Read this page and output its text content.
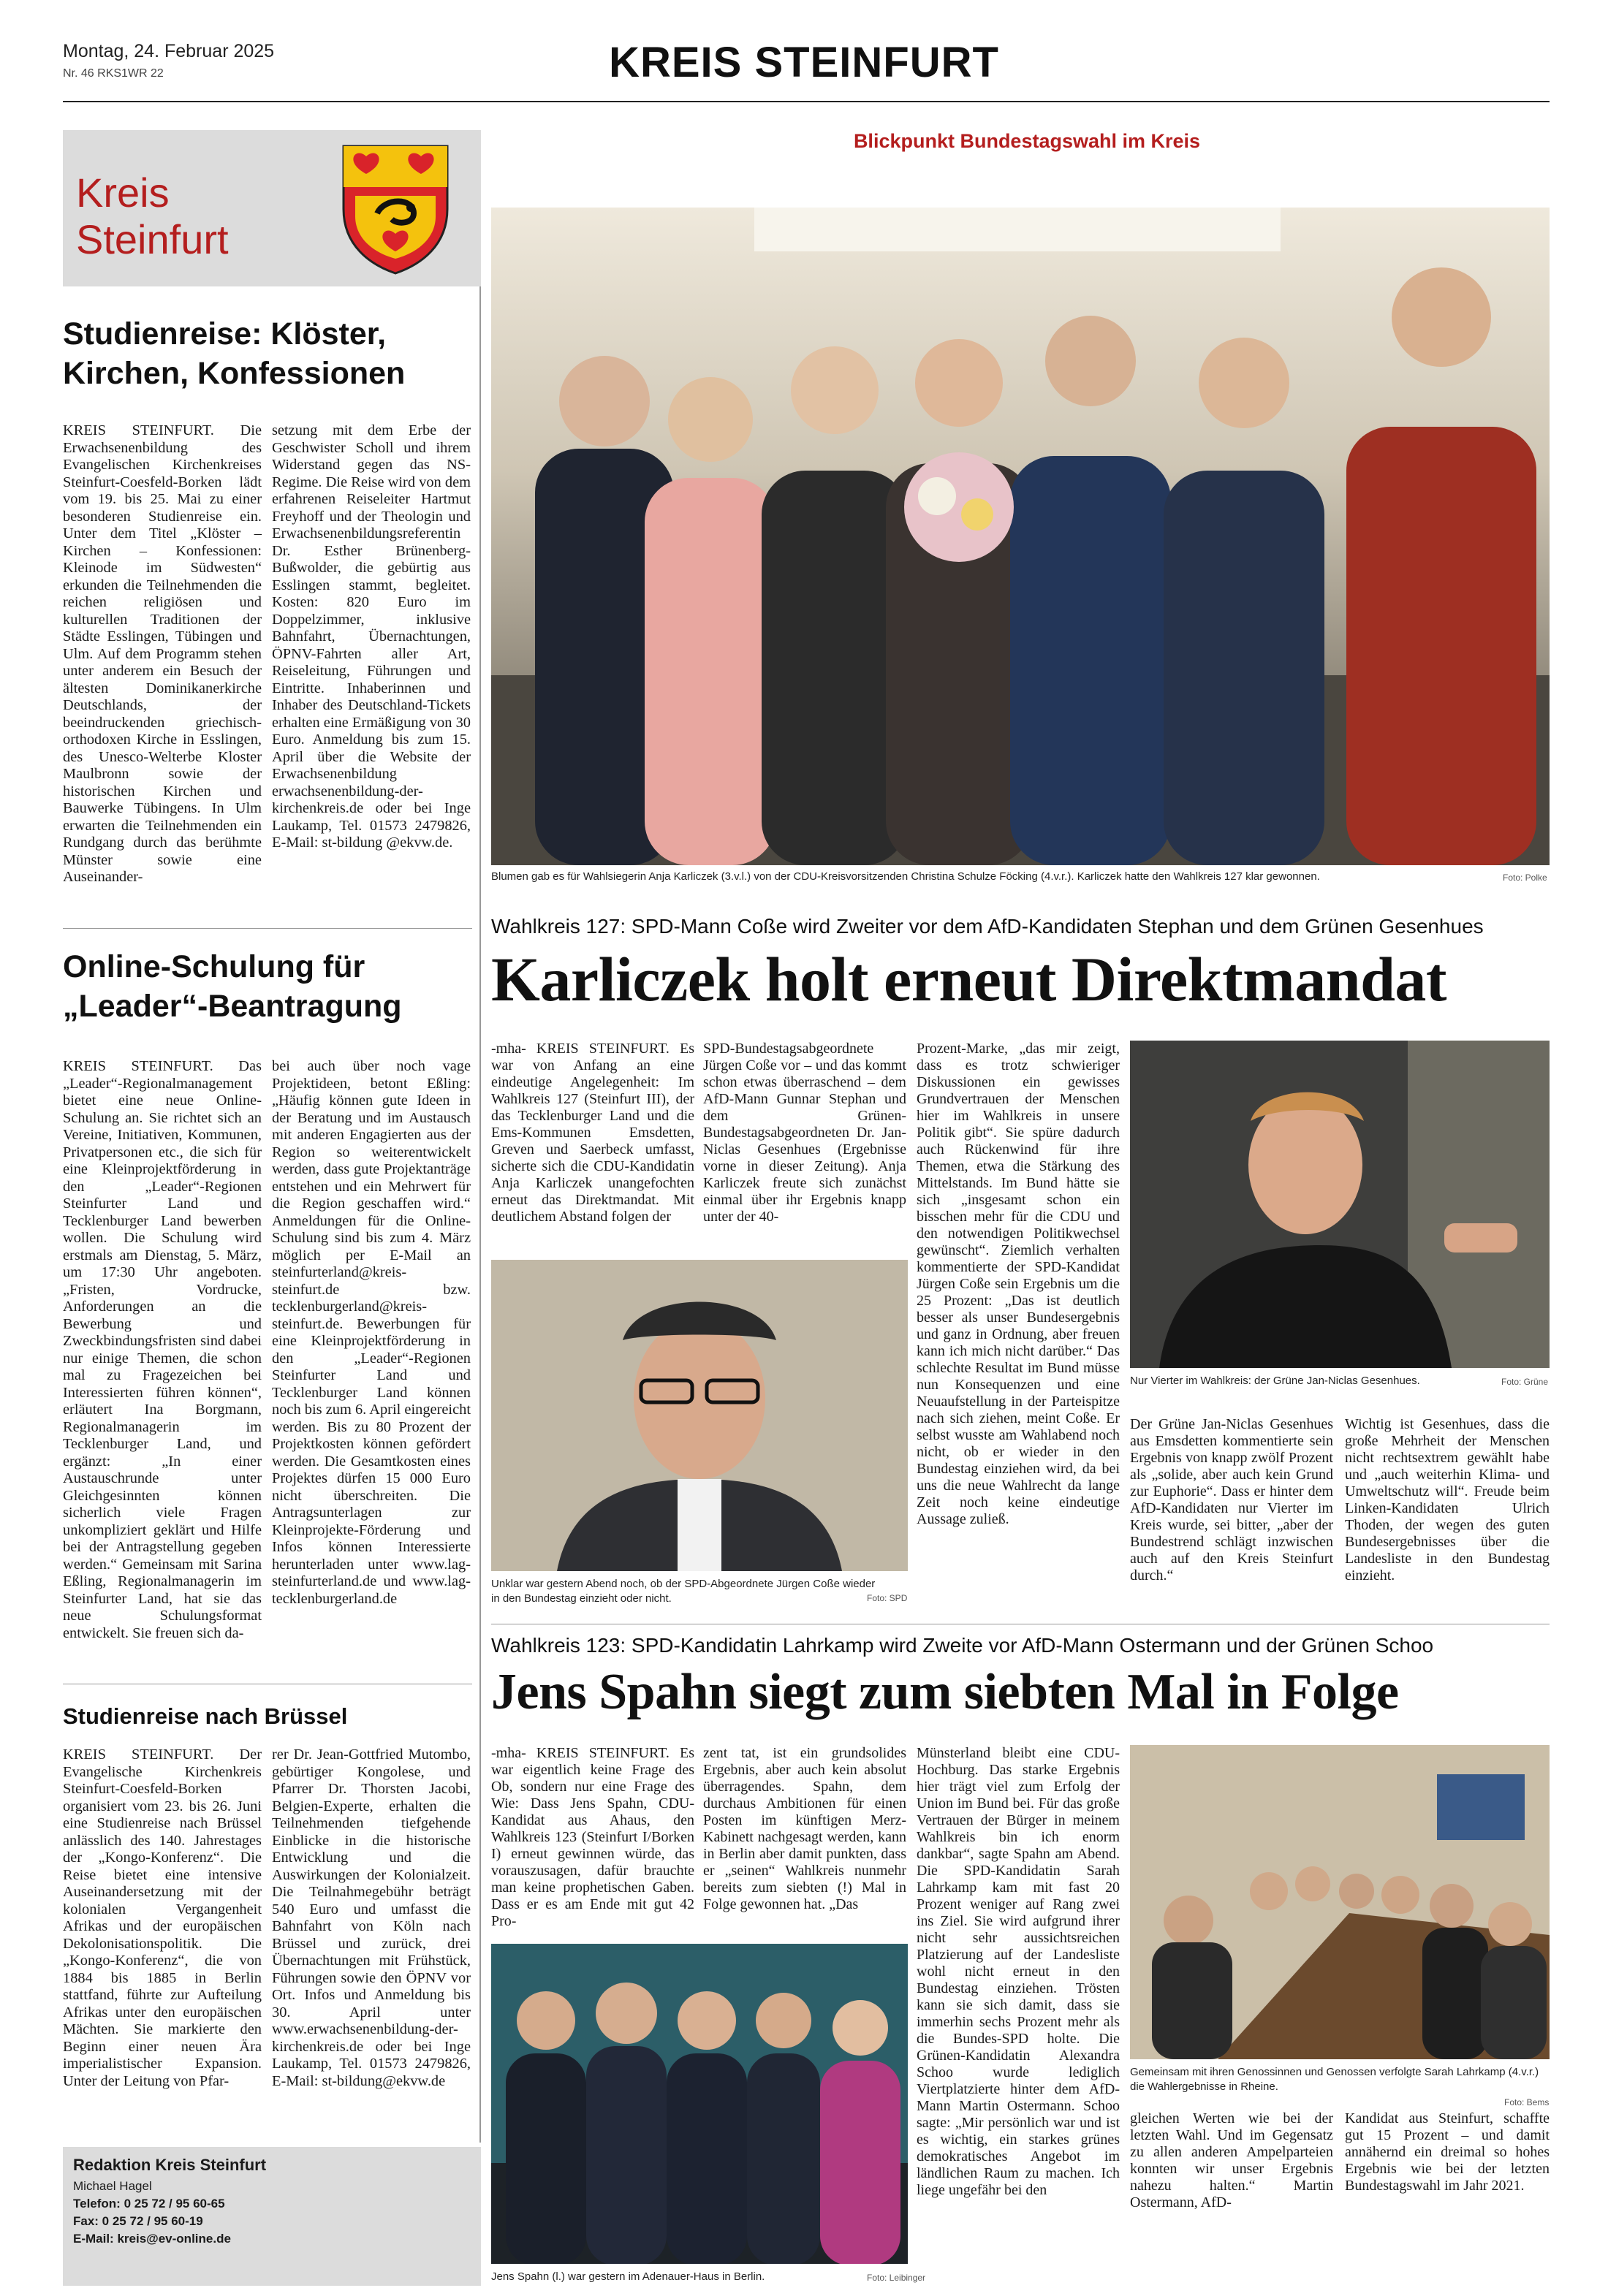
Montag, 24. Februar 2025
Nr. 46 RKS1WR 22	KREIS STEINFURT
Kreis
Steinfurt
Studienreise: Klöster, Kirchen, Konfessionen
KREIS STEINFURT. Die Erwachsenenbildung des Evangelischen Kirchenkreises Steinfurt-Coesfeld-Borken lädt vom 19. bis 25. Mai zu einer besonderen Studienreise ein. Unter dem Titel „Klöster – Kirchen – Konfessionen: Kleinode im Südwesten“ erkunden die Teilnehmenden die reichen religiösen und kulturellen Traditionen der Städte Esslingen, Tübingen und Ulm. Auf dem Programm stehen unter anderem ein Besuch der ältesten Dominikanerkirche Deutschlands, der beeindruckenden griechisch-orthodoxen Kirche in Esslingen, des Unesco-Welterbe Kloster Maulbronn sowie der historischen Kirchen und Bauwerke Tübingens. In Ulm erwarten die Teilnehmenden ein Rundgang durch das berühmte Münster sowie eine Auseinander-
setzung mit dem Erbe der Geschwister Scholl und ihrem Widerstand gegen das NS-Regime. Die Reise wird von dem erfahrenen Reiseleiter Hartmut Freyhoff und der Theologin und Erwachsenenbildungsreferentin Dr. Esther Brünenberg-Bußwolder, die gebürtig aus Esslingen stammt, begleitet. Kosten: 820 Euro im Doppelzimmer, inklusive Bahnfahrt, Übernachtungen, ÖPNV-Fahrten aller Art, Reiseleitung, Führungen und Eintritte. Inhaberinnen und Inhaber des Deutschland-Tickets erhalten eine Ermäßigung von 30 Euro. Anmeldung bis zum 15. April über die Website der Erwachsenenbildung erwachsenenbildung-der-kirchenkreis.de oder bei Inge Laukamp, Tel. 01573 2479826, E-Mail: st-bildung @ekvw.de.
Online-Schulung für „Leader“-Beantragung
KREIS STEINFURT. Das „Leader“-Regionalmanagement bietet eine neue Online-Schulung an. Sie richtet sich an Vereine, Initiativen, Kommunen, Privatpersonen etc., die sich für eine Kleinprojektförderung in den „Leader“-Regionen Steinfurter Land und Tecklenburger Land bewerben wollen. Die Schulung wird erstmals am Dienstag, 5. März, um 17:30 Uhr angeboten. „Fristen, Vordrucke, Anforderungen an die Bewerbung und Zweckbindungsfristen sind dabei nur einige Themen, die schon mal zu Fragezeichen bei Interessierten führen können“, erläutert Ina Borgmann, Regionalmanagerin im Tecklenburger Land, und ergänzt: „In einer Austauschrunde unter Gleichgesinnten können sicherlich viele Fragen unkompliziert geklärt und Hilfe bei der Antragstellung gegeben werden.“ Gemeinsam mit Sarina Eßling, Regionalmanagerin im Steinfurter Land, hat sie das neue Schulungsformat entwickelt. Sie freuen sich da-
bei auch über noch vage Projektideen, betont Eßling: „Häufig können gute Ideen in der Beratung und im Austausch mit anderen Engagierten aus der Region so weiterentwickelt werden, dass gute Projektanträge entstehen und ein Mehrwert für die Region geschaffen wird.“ Anmeldungen für die Online-Schulung sind bis zum 4. März möglich per E-Mail an steinfurterland@kreis-steinfurt.de bzw. tecklenburgerland@kreis-steinfurt.de. Bewerbungen für eine Kleinprojektförderung in den „Leader“-Regionen Steinfurter Land und Tecklenburger Land können noch bis zum 6. April eingereicht werden. Bis zu 80 Prozent der Projektkosten können gefördert werden. Die Gesamtkosten eines Projektes dürfen 15 000 Euro nicht überschreiten. Die Antragsunterlagen zur Kleinprojekte-Förderung und Infos können Interessierte herunterladen unter www.lag-steinfurterland.de und www.lag-tecklenburgerland.de
Studienreise nach Brüssel
KREIS STEINFURT. Der Evangelische Kirchenkreis Steinfurt-Coesfeld-Borken organisiert vom 23. bis 26. Juni eine Studienreise nach Brüssel anlässlich des 140. Jahrestages der „Kongo-Konferenz“. Die Reise bietet eine intensive Auseinandersetzung mit der kolonialen Vergangenheit Afrikas und der europäischen Dekolonisationspolitik. Die „Kongo-Konferenz“, die von 1884 bis 1885 in Berlin stattfand, führte zur Aufteilung Afrikas unter den europäischen Mächten. Sie markierte den Beginn einer neuen Ära imperialistischer Expansion. Unter der Leitung von Pfar-
rer Dr. Jean-Gottfried Mutombo, gebürtiger Kongolese, und Pfarrer Dr. Thorsten Jacobi, Belgien-Experte, erhalten die Teilnehmenden tiefgehende Einblicke in die historische Entwicklung und die Auswirkungen der Kolonialzeit. Die Teilnahmegebühr beträgt 540 Euro und umfasst die Bahnfahrt von Köln nach Brüssel und zurück, drei Übernachtungen mit Frühstück, Führungen sowie den ÖPNV vor Ort. Infos und Anmeldung bis 30. April unter www.erwachsenenbildung-der-kirchenkreis.de oder bei Inge Laukamp, Tel. 01573 2479826, E-Mail: st-bildung@ekvw.de
Redaktion Kreis Steinfurt
Michael Hagel
Telefon: 0 25 72 / 95 60-65
Fax: 0 25 72 / 95 60-19
E-Mail: kreis@ev-online.de
Blickpunkt Bundestagswahl im Kreis
Blumen gab es für Wahlsiegerin Anja Karliczek (3.v.l.) von der CDU-Kreisvorsitzenden Christina Schulze Föcking (4.v.r.). Karliczek hatte den Wahlkreis 127 klar gewonnen.	Foto: Polke
Wahlkreis 127: SPD-Mann Coße wird Zweiter vor dem AfD-Kandidaten Stephan und dem Grünen Gesenhues
Karliczek holt erneut Direktmandat
-mha- KREIS STEINFURT. Es war von Anfang an eine eindeutige Angelegenheit: Im Wahlkreis 127 (Steinfurt III), der das Tecklenburger Land und die Ems-Kommunen Emsdetten, Greven und Saerbeck umfasst, sicherte sich die CDU-Kandidatin Anja Karliczek unangefochten erneut das Direktmandat. Mit deutlichem Abstand folgen der
SPD-Bundestagsabgeordnete Jürgen Coße vor – und das kommt schon etwas überraschend – dem AfD-Mann Gunnar Stephan und dem Grünen-Bundestagsabgeordneten Dr. Jan-Niclas Gesenhues (Ergebnisse vorne in dieser Zeitung). Anja Karliczek freute sich zunächst einmal über ihr Ergebnis knapp unter der 40-
Prozent-Marke, „das mir zeigt, dass es trotz schwieriger Diskussionen ein gewisses Grundvertrauen der Menschen hier im Wahlkreis in unsere Politik gibt“. Sie spüre dadurch auch Rückenwind für ihre Themen, etwa die Stärkung des Mittelstands. Im Bund hätte sie sich „insgesamt schon ein bisschen mehr für die CDU und den notwendigen Politikwechsel gewünscht“. Ziemlich verhalten kommentierte der SPD-Kandidat Jürgen Coße sein Ergebnis um die 25 Prozent: „Das ist deutlich besser als unser Bundesergebnis und ganz in Ordnung, aber freuen kann ich mich nicht darüber.“ Das schlechte Resultat im Bund müsse nun Konsequenzen und eine Neuaufstellung in der Parteispitze nach sich ziehen, meint Coße. Er selbst wusste am Wahlabend noch nicht, ob er wieder in den Bundestag einziehen wird, da bei uns die neue Wahlrecht da lange Zeit noch keine eindeutige Aussage zuließ.
Unklar war gestern Abend noch, ob der SPD-Abgeordnete Jürgen Coße wieder in den Bundestag einzieht oder nicht.	Foto: SPD
Nur Vierter im Wahlkreis: der Grüne Jan-Niclas Gesenhues.	Foto: Grüne
Der Grüne Jan-Niclas Gesenhues aus Emsdetten kommentierte sein Ergebnis von knapp zwölf Prozent als „solide, aber auch kein Grund zur Euphorie“. Dass er hinter dem AfD-Kandidaten nur Vierter im Kreis wurde, sei bitter, „aber der Bundestrend schlägt inzwischen auch auf den Kreis Steinfurt durch.“
Wichtig ist Gesenhues, dass die große Mehrheit der Menschen nicht rechtsextrem gewählt habe und „auch weiterhin Klima- und Umweltschutz will“. Freude beim Linken-Kandidaten Ulrich Thoden, der wegen des guten Bundesergebnisses über die Landesliste in den Bundestag einzieht.
Wahlkreis 123: SPD-Kandidatin Lahrkamp wird Zweite vor AfD-Mann Ostermann und der Grünen Schoo
Jens Spahn siegt zum siebten Mal in Folge
-mha- KREIS STEINFURT. Es war eigentlich keine Frage des Ob, sondern nur eine Frage des Wie: Dass Jens Spahn, CDU-Kandidat aus Ahaus, den Wahlkreis 123 (Steinfurt I/Borken I) erneut gewinnen würde, das vorauszusagen, dafür brauchte man keine prophetischen Gaben. Dass er es am Ende mit gut 42 Pro-
zent tat, ist ein grundsolides Ergebnis, aber auch kein absolut überragendes. Spahn, dem durchaus Ambitionen für einen Posten im künftigen Merz-Kabinett nachgesagt werden, kann in Berlin aber damit punkten, dass er „seinen“ Wahlkreis nunmehr bereits zum siebten (!) Mal in Folge gewonnen hat. „Das
Münsterland bleibt eine CDU-Hochburg. Das starke Ergebnis hier trägt viel zum Erfolg der Union im Bund bei. Für das große Vertrauen der Bürger in meinem Wahlkreis bin ich enorm dankbar“, sagte Spahn am Abend. Die SPD-Kandidatin Sarah Lahrkamp kam mit fast 20 Prozent weniger auf Rang zwei ins Ziel. Sie wird aufgrund ihrer nicht sehr aussichtsreichen Platzierung auf der Landesliste wohl nicht erneut in den Bundestag einziehen. Trösten kann sie sich damit, dass sie immerhin sechs Prozent mehr als die Bundes-SPD holte. Die Grünen-Kandidatin Alexandra Schoo wurde lediglich Viertplatzierte hinter dem AfD-Mann Martin Ostermann. Schoo sagte: „Mir persönlich war und ist es wichtig, ein starkes grünes demokratisches Angebot im ländlichen Raum zu machen. Ich liege ungefähr bei den
Jens Spahn (l.) war gestern im Adenauer-Haus in Berlin.	Foto: Leibinger
Gemeinsam mit ihren Genossinnen und Genossen verfolgte Sarah Lahrkamp (4.v.r.) die Wahlergebnisse in Rheine.
Foto: Bems
gleichen Werten wie bei der letzten Wahl. Und im Gegensatz zu allen anderen Ampelparteien konnten wir unser Ergebnis nahezu halten.“ Martin Ostermann, AfD-
Kandidat aus Steinfurt, schaffte gut 15 Prozent – und damit annähernd ein dreimal so hohes Ergebnis wie bei der letzten Bundestagswahl im Jahr 2021.
